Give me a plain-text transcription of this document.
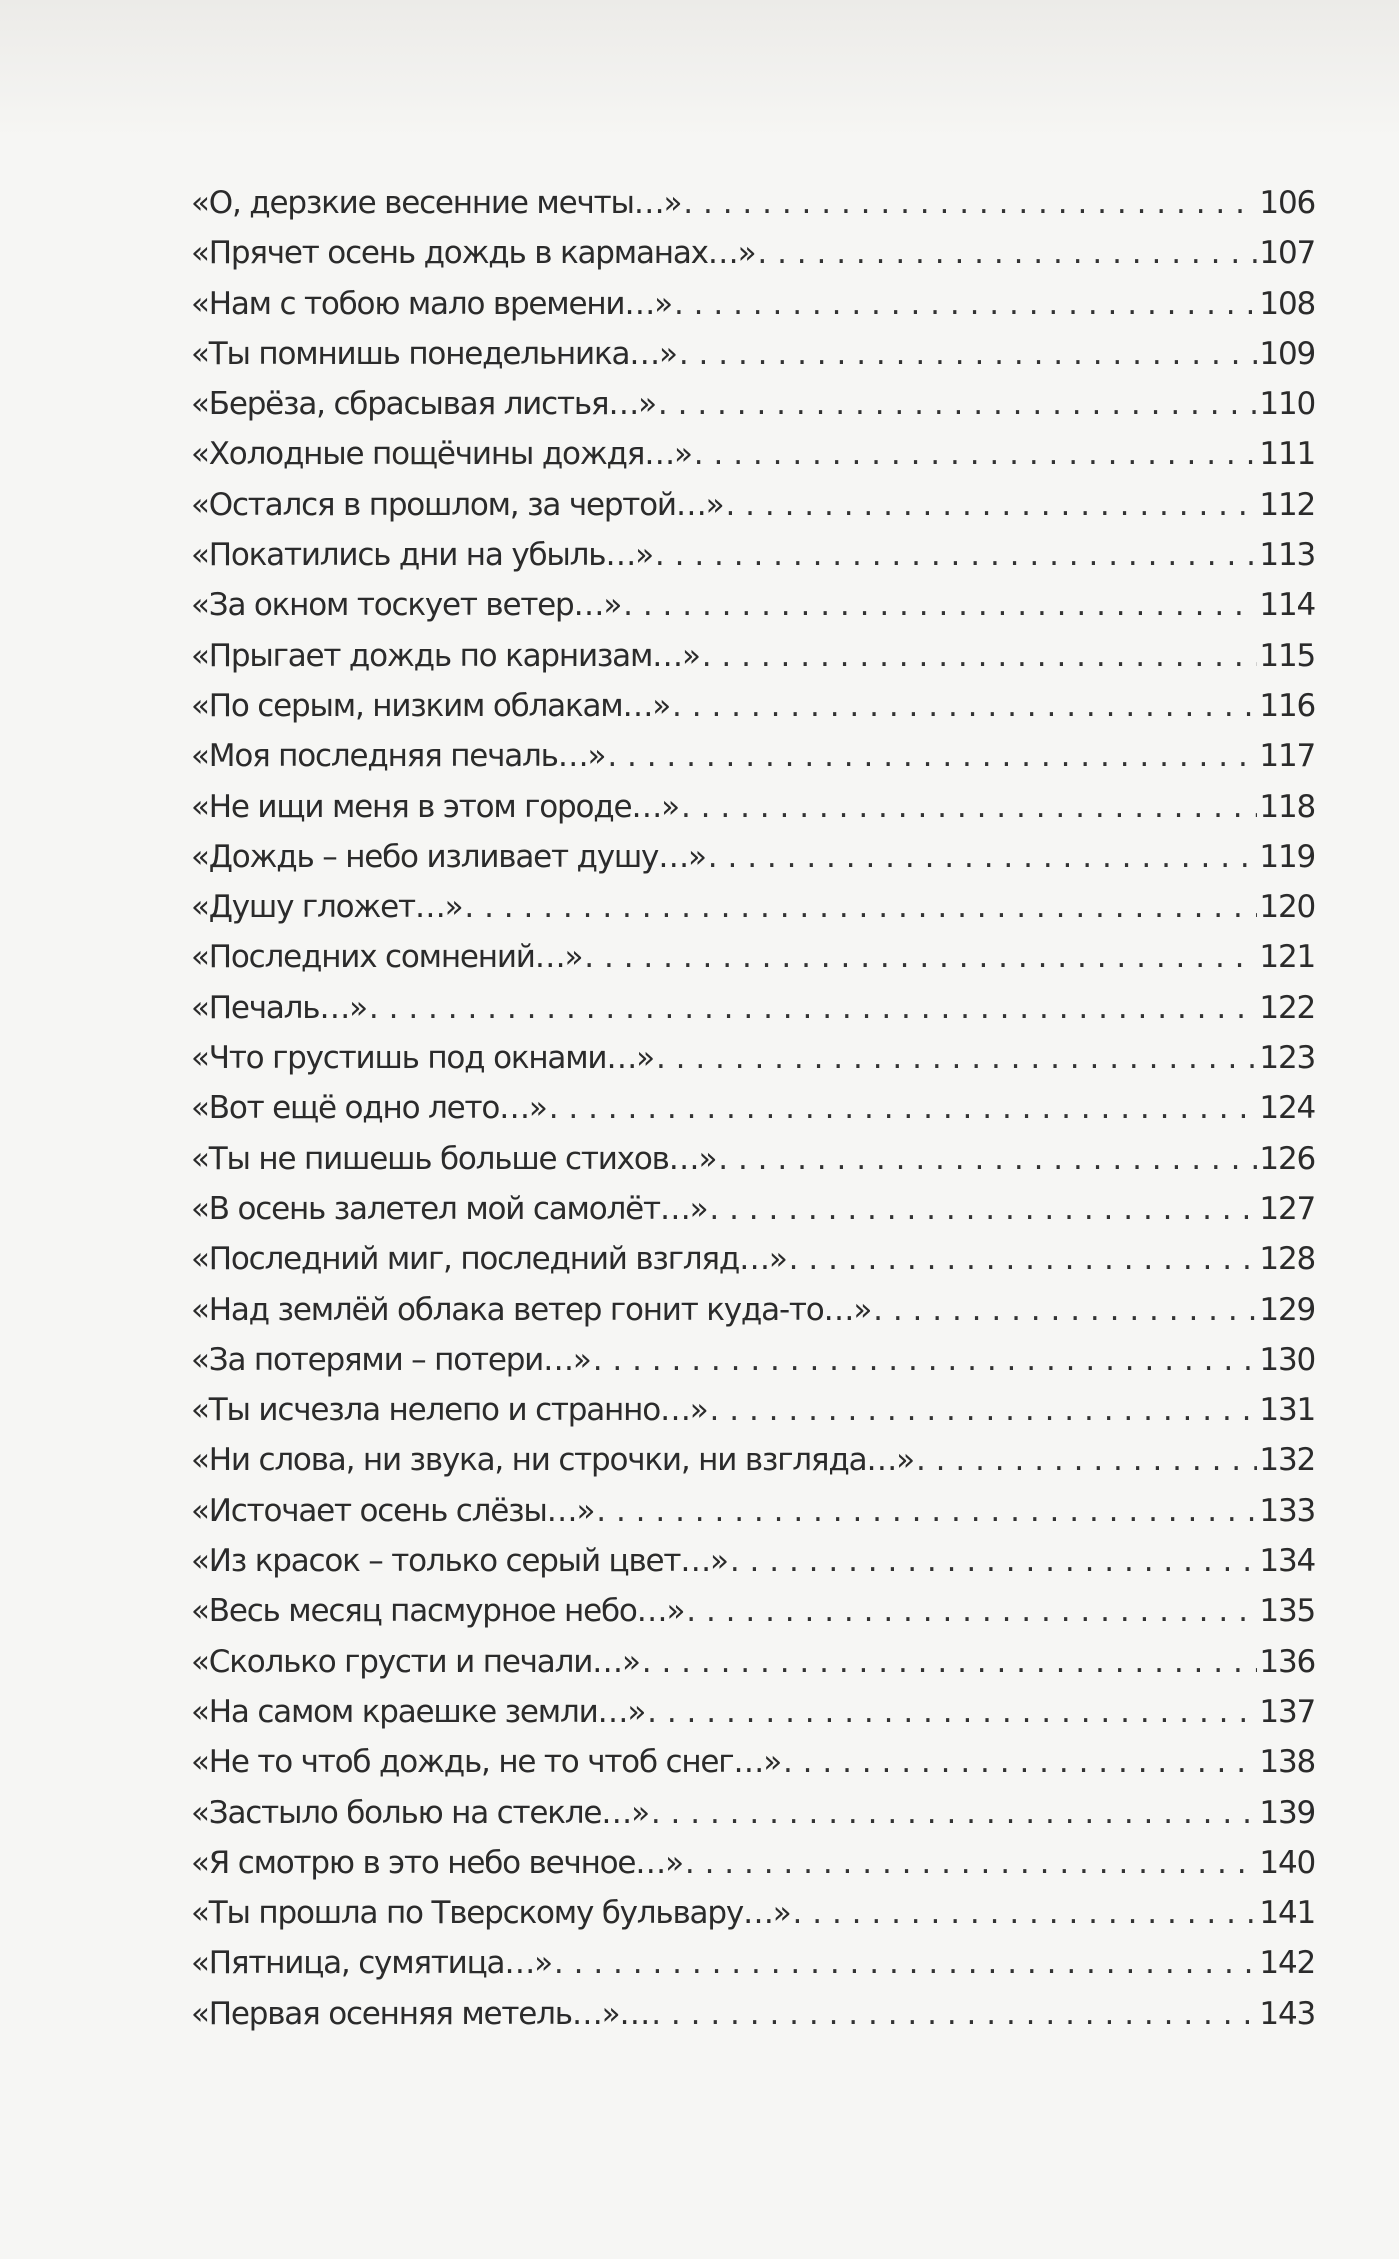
«О, дерзкие весенние мечты…» . . .	106
«Прячет осень дождь в карманах…» . . .	107
«Нам с тобою мало времени…» . . .	108
«Ты помнишь понедельника…» . . .	109
«Берёза, сбрасывая листья…» . . .	110
«Холодные пощёчины дождя…» . . .	111
«Остался в прошлом, за чертой…» . . .	112
«Покатились дни на убыль…» . . .	113
«За окном тоскует ветер…» . . .	114
«Прыгает дождь по карнизам…» . . .	115
«По серым, низким облакам…» . . .	116
«Моя последняя печаль…» . . .	117
«Не ищи меня в этом городе…» . . .	118
«Дождь – небо изливает душу…» . . .	119
«Душу гложет…» . . .	120
«Последних сомнений…» . . .	121
«Печаль…» . . .	122
«Что грустишь под окнами…» . . .	123
«Вот ещё одно лето…» . . .	124
«Ты не пишешь больше стихов…» . . .	126
«В осень залетел мой самолёт…» . . .	127
«Последний миг, последний взгляд…» . . .	128
«Над землёй облака ветер гонит куда-то…» . . .	129
«За потерями – потери…» . . .	130
«Ты исчезла нелепо и странно…» . . .	131
«Ни слова, ни звука, ни строчки, ни взгляда…» . . .	132
«Источает осень слёзы…» . . .	133
«Из красок – только серый цвет…» . . .	134
«Весь месяц пасмурное небо…» . . .	135
«Сколько грусти и печали…» . . .	136
«На самом краешке земли…» . . .	137
«Не то чтоб дождь, не то чтоб снег…» . . .	138
«Застыло болью на стекле…» . . .	139
«Я смотрю в это небо вечное…» . . .	140
«Ты прошла по Тверскому бульвару…» . . .	141
«Пятница, сумятица…» . . .	142
«Первая осенняя метель…»… . . .	143
